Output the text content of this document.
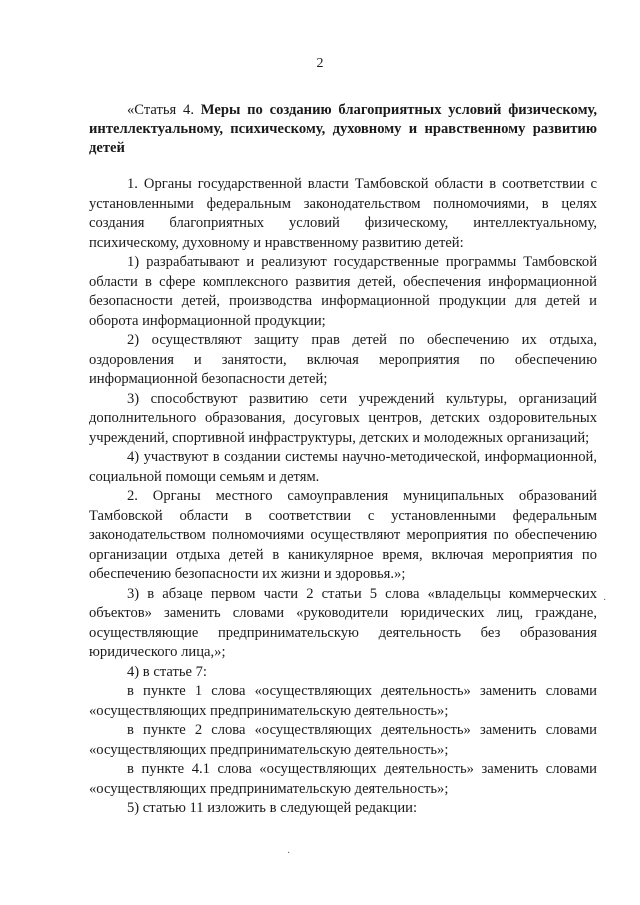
2
«Статья 4. Меры по созданию благоприятных условий физическому, интеллектуальному, психическому, духовному и нравственному развитию детей

1. Органы государственной власти Тамбовской области в соответствии с установленными федеральным законодательством полномочиями, в целях создания благоприятных условий физическому, интеллектуальному, психическому, духовному и нравственному развитию детей:

1) разрабатывают и реализуют государственные программы Тамбовской области в сфере комплексного развития детей, обеспечения информационной безопасности детей, производства информационной продукции для детей и оборота информационной продукции;

2) осуществляют защиту прав детей по обеспечению их отдыха, оздоровления и занятости, включая мероприятия по обеспечению информационной безопасности детей;

3) способствуют развитию сети учреждений культуры, организаций дополнительного образования, досуговых центров, детских оздоровительных учреждений, спортивной инфраструктуры, детских и молодежных организаций;

4) участвуют в создании системы научно-методической, информационной, социальной помощи семьям и детям.

2. Органы местного самоуправления муниципальных образований Тамбовской области в соответствии с установленными федеральным законодательством полномочиями осуществляют мероприятия по обеспечению организации отдыха детей в каникулярное время, включая мероприятия по обеспечению безопасности их жизни и здоровья.»;

3) в абзаце первом части 2 статьи 5 слова «владельцы коммерческих объектов» заменить словами «руководители юридических лиц, граждане, осуществляющие предпринимательскую деятельность без образования юридического лица,»;

4) в статье 7:

в пункте 1 слова «осуществляющих деятельность» заменить словами «осуществляющих предпринимательскую деятельность»;

в пункте 2 слова «осуществляющих деятельность» заменить словами «осуществляющих предпринимательскую деятельность»;

в пункте 4.1 слова «осуществляющих деятельность» заменить словами «осуществляющих предпринимательскую деятельность»;

5) статью 11 изложить в следующей редакции:

·
·
